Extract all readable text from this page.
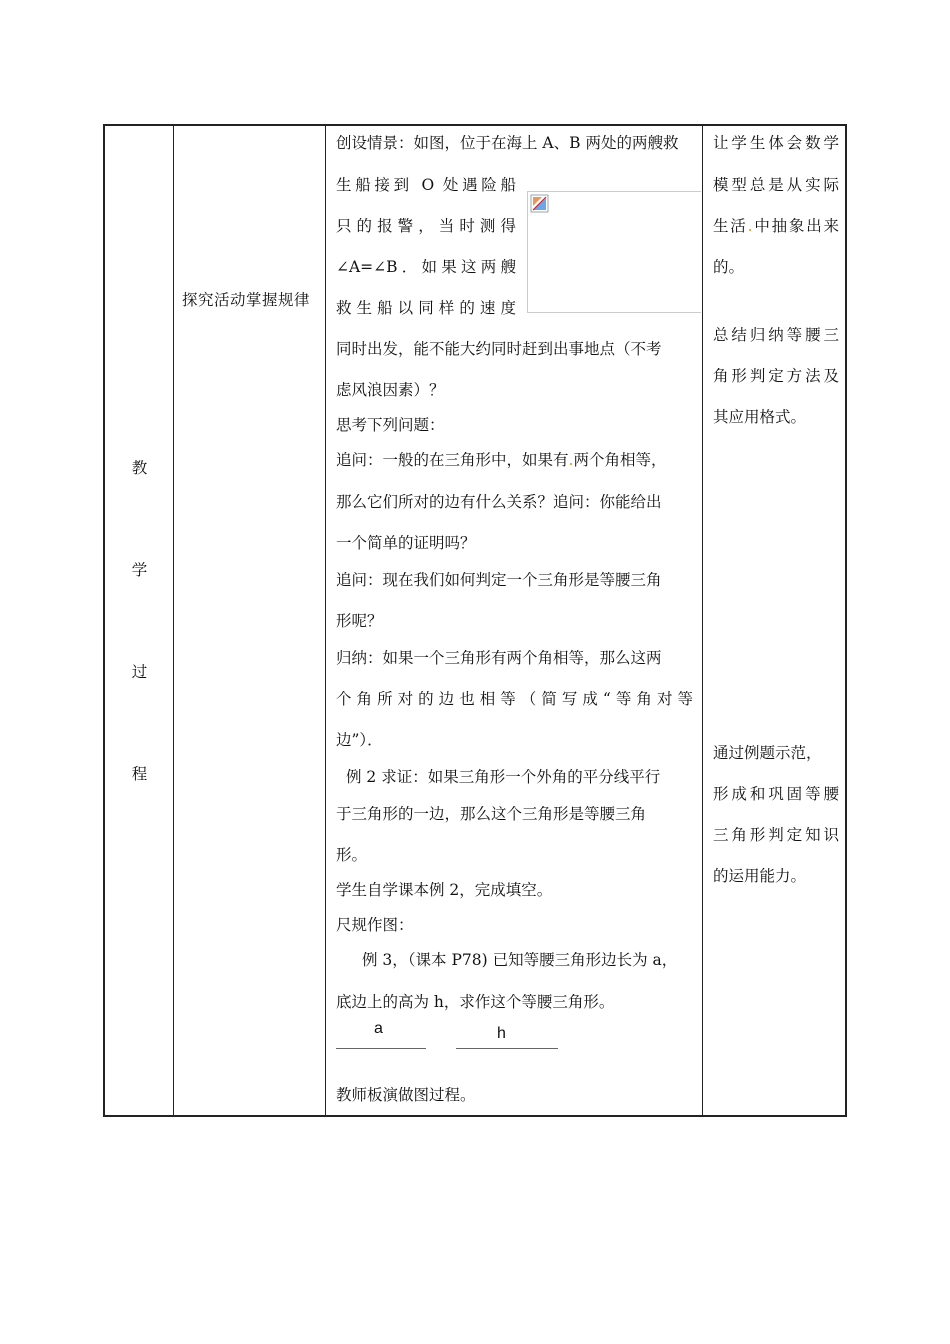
教
学
过
程
探究活动掌握规律
创设情景：如图，位于在海上 A、B 两处的两艘救
生船接到 O 处遇险船
只的报警，当时测得
∠A=∠B．如果这两艘
救生船以同样的速度
同时出发，能不能大约同时赶到出事地点（不考
虑风浪因素）？
思考下列问题：
追问：一般的在三角形中，如果有.两个角相等，
那么它们所对的边有什么关系？追问：你能给出
一个简单的证明吗？
追问：现在我们如何判定一个三角形是等腰三角
形呢？
归纳：如果一个三角形有两个角相等，那么这两
个角所对的边也相等（简写成“等角对等
边”）．
例 2 求证：如果三角形一个外角的平分线平行
于三角形的一边，那么这个三角形是等腰三角
形。
学生自学课本例 2，完成填空。
尺规作图：
例 3，（课本 P78) 已知等腰三角形边长为 a，
底边上的高为 h，求作这个等腰三角形。
a	h
教师板演做图过程。
让学生体会数学
模型总是从实际
生活.中抽象出来
的。
总结归纳等腰三
角形判定方法及
其应用格式。
通过例题示范，
形成和巩固等腰
三角形判定知识
的运用能力。
